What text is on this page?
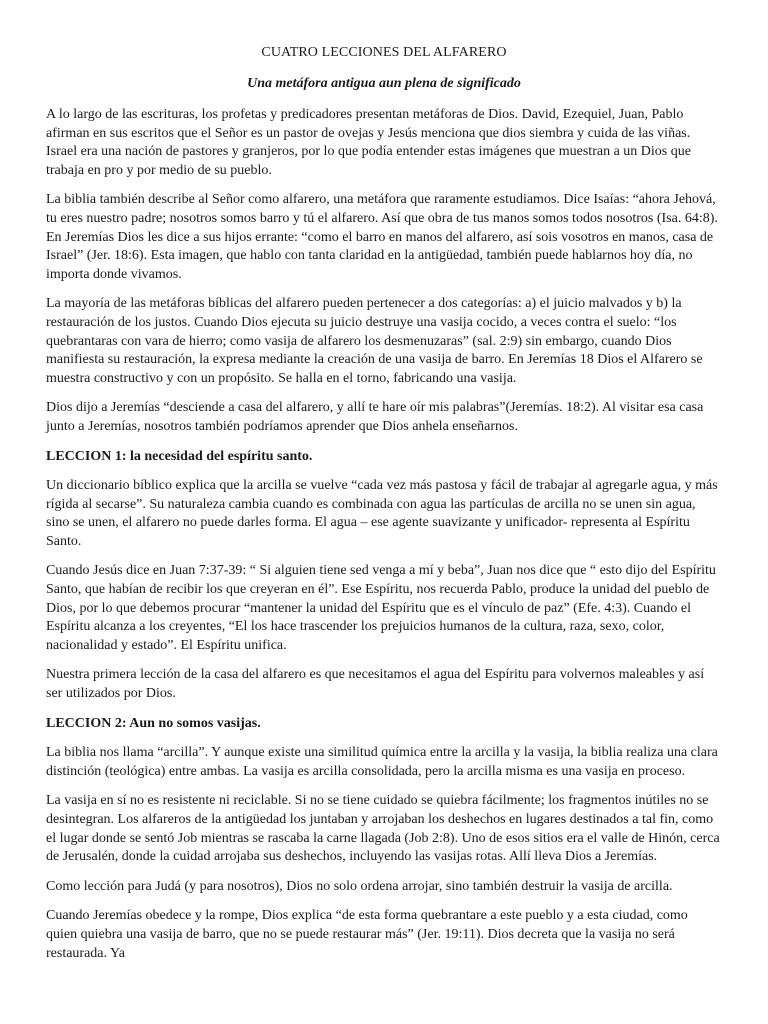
CUATRO LECCIONES DEL ALFARERO
Una metáfora antigua aun plena de significado
A lo largo de las escrituras, los profetas y predicadores presentan metáforas de Dios. David, Ezequiel, Juan, Pablo afirman en sus escritos que el Señor es un pastor de ovejas y Jesús menciona que dios siembra y cuida de las viñas. Israel era una nación de pastores y granjeros, por lo que podía entender estas imágenes que muestran a un Dios que trabaja en pro y por medio de su pueblo.
La biblia también describe al Señor como alfarero, una metáfora que raramente estudiamos. Dice Isaías: “ahora Jehová, tu eres nuestro padre; nosotros somos barro y tú el alfarero. Así que obra de tus manos somos todos nosotros (Isa. 64:8). En Jeremías Dios les dice a sus hijos errante: “como el barro en manos del alfarero, así sois vosotros en manos, casa de Israel” (Jer. 18:6). Esta imagen, que hablo con tanta claridad en la antigüedad, también puede hablarnos hoy día, no importa donde vivamos.
La mayoría de las metáforas bíblicas del alfarero pueden pertenecer a dos categorías: a) el juicio malvados y b) la restauración de los justos. Cuando Dios ejecuta su juicio destruye una vasija cocido, a veces contra el suelo: “los quebrantaras con vara de hierro; como vasija de alfarero los desmenuzaras” (sal. 2:9) sin embargo, cuando Dios manifiesta su restauración, la expresa mediante la creación de una vasija de barro. En Jeremías 18 Dios el Alfarero se muestra constructivo y con un propósito. Se halla en el torno, fabricando una vasija.
Dios dijo a Jeremías “desciende a casa del alfarero, y allí te hare oír mis palabras”(Jeremías. 18:2). Al visitar esa casa junto a Jeremías, nosotros también podríamos aprender que Dios anhela enseñarnos.
LECCION 1: la necesidad del espíritu santo.
Un diccionario bíblico explica que la arcilla se vuelve “cada vez más pastosa y fácil de trabajar al agregarle agua, y más rígida al secarse”. Su naturaleza cambia cuando es combinada con agua las partículas de arcilla no se unen sin agua, sino se unen, el alfarero no puede darles forma. El agua – ese agente suavizante y unificador- representa al Espíritu Santo.
Cuando Jesús dice en Juan 7:37-39: “ Si alguien tiene sed venga a mí y beba”, Juan nos dice que “ esto dijo del Espíritu Santo, que habían de recibir los que creyeran en él”. Ese Espíritu, nos recuerda Pablo, produce la unidad del pueblo de Dios, por lo que debemos procurar “mantener la unidad del Espíritu que es el vínculo de paz” (Efe. 4:3). Cuando el Espíritu alcanza a los creyentes, “El los hace trascender los prejuicios humanos de la cultura, raza, sexo, color, nacionalidad y estado”. El Espíritu unifica.
Nuestra primera lección de la casa del alfarero es que necesitamos el agua del Espíritu para volvernos maleables y así ser utilizados por Dios.
LECCION 2: Aun no somos vasijas.
La biblia nos llama “arcilla”. Y aunque existe una similitud química entre la arcilla y la vasija, la biblia realiza una clara distinción (teológica) entre ambas. La vasija es arcilla consolidada, pero la arcilla misma es una vasija en proceso.
La vasija en sí no es resistente ni reciclable. Si no se tiene cuidado se quiebra fácilmente; los fragmentos inútiles no se desintegran. Los alfareros de la antigüedad los juntaban y arrojaban los deshechos en lugares destinados a tal fin, como el lugar donde se sentó Job mientras se rascaba la carne llagada (Job 2:8). Uno de esos sitios era el valle de Hinón, cerca de Jerusalén, donde la cuidad arrojaba sus deshechos, incluyendo las vasijas rotas. Allí lleva Dios a Jeremías.
Como lección para Judá (y para nosotros), Dios no solo ordena arrojar, sino también destruir la vasija de arcilla.
Cuando Jeremías obedece y la rompe, Dios explica “de esta forma quebrantare a este pueblo y a esta ciudad, como quien quiebra una vasija de barro, que no se puede restaurar más” (Jer. 19:11). Dios decreta que la vasija no será restaurada. Ya
